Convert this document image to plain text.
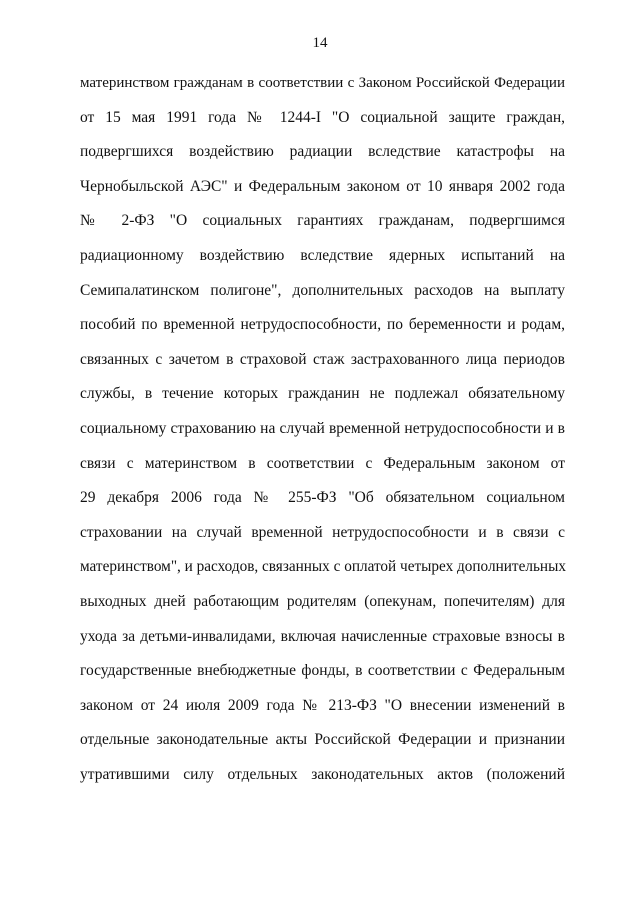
14
материнством гражданам в соответствии с Законом Российской Федерации
от 15 мая 1991 года № 1244-I "О социальной защите граждан,
подвергшихся воздействию радиации вследствие катастрофы на
Чернобыльской АЭС" и Федеральным законом от 10 января 2002 года
№ 2-ФЗ "О социальных гарантиях гражданам, подвергшимся
радиационному воздействию вследствие ядерных испытаний на
Семипалатинском полигоне", дополнительных расходов на выплату
пособий по временной нетрудоспособности, по беременности и родам,
связанных с зачетом в страховой стаж застрахованного лица периодов
службы, в течение которых гражданин не подлежал обязательному
социальному страхованию на случай временной нетрудоспособности и в
связи с материнством в соответствии с Федеральным законом от
29 декабря 2006 года № 255-ФЗ "Об обязательном социальном
страховании на случай временной нетрудоспособности и в связи с
материнством", и расходов, связанных с оплатой четырех дополнительных
выходных дней работающим родителям (опекунам, попечителям) для
ухода за детьми-инвалидами, включая начисленные страховые взносы в
государственные внебюджетные фонды, в соответствии с Федеральным
законом от 24 июля 2009 года № 213-ФЗ "О внесении изменений в
отдельные законодательные акты Российской Федерации и признании
утратившими силу отдельных законодательных актов (положений
